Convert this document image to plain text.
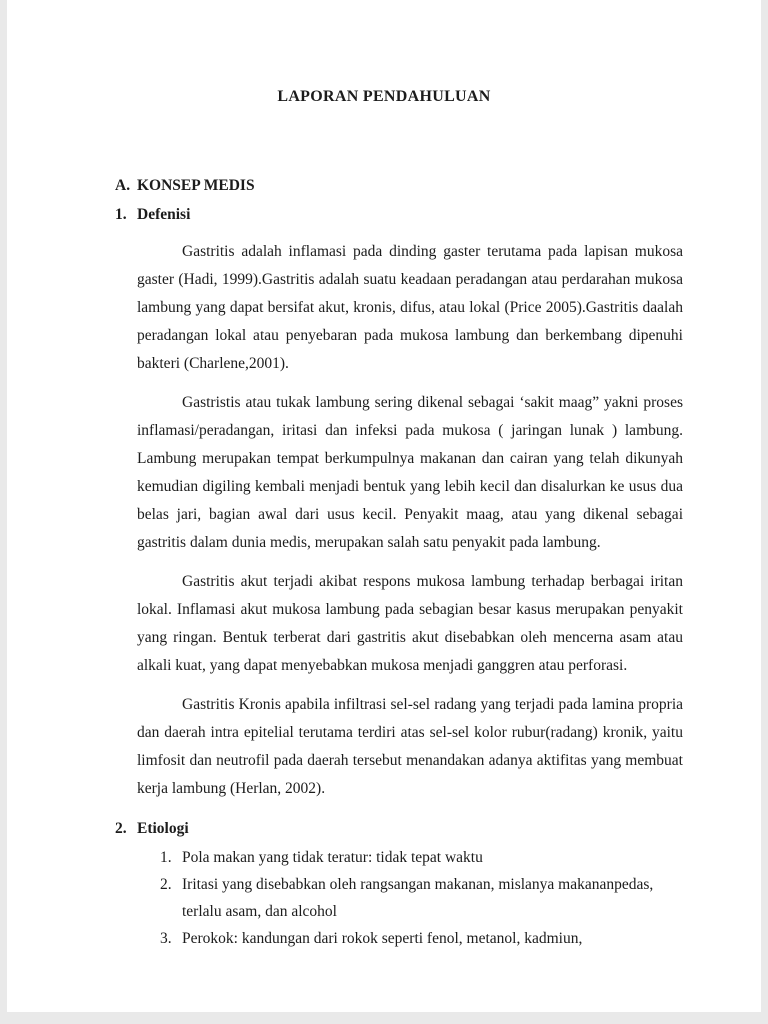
LAPORAN PENDAHULUAN
A. KONSEP MEDIS
1. Defenisi

Gastritis adalah inflamasi pada dinding gaster terutama pada lapisan mukosa gaster (Hadi, 1999).Gastritis adalah suatu keadaan peradangan atau perdarahan mukosa lambung yang dapat bersifat akut, kronis, difus, atau lokal (Price 2005).Gastritis daalah peradangan lokal atau penyebaran pada mukosa lambung dan berkembang dipenuhi bakteri (Charlene,2001).

Gastristis atau tukak lambung sering dikenal sebagai ‘sakit maag” yakni proses inflamasi/peradangan, iritasi dan infeksi pada mukosa ( jaringan lunak ) lambung. Lambung merupakan tempat berkumpulnya makanan dan cairan yang telah dikunyah kemudian digiling kembali menjadi bentuk yang lebih kecil dan disalurkan ke usus dua belas jari, bagian awal dari usus kecil. Penyakit maag, atau yang dikenal sebagai gastritis dalam dunia medis, merupakan salah satu penyakit pada lambung.

Gastritis akut terjadi akibat respons mukosa lambung terhadap berbagai iritan lokal. Inflamasi akut mukosa lambung pada sebagian besar kasus merupakan penyakit yang ringan. Bentuk terberat dari gastritis akut disebabkan oleh mencerna asam atau alkali kuat, yang dapat menyebabkan mukosa menjadi ganggren atau perforasi.

Gastritis Kronis apabila infiltrasi sel-sel radang yang terjadi pada lamina propria dan daerah intra epitelial terutama terdiri atas sel-sel kolor rubur(radang) kronik, yaitu limfosit dan neutrofil pada daerah tersebut menandakan adanya aktifitas yang membuat kerja lambung (Herlan, 2002).

2. Etiologi
1. Pola makan yang tidak teratur: tidak tepat waktu
2. Iritasi yang disebabkan oleh rangsangan makanan, mislanya makananpedas, terlalu asam, dan alcohol
3. Perokok: kandungan dari rokok seperti fenol, metanol, kadmiun,
